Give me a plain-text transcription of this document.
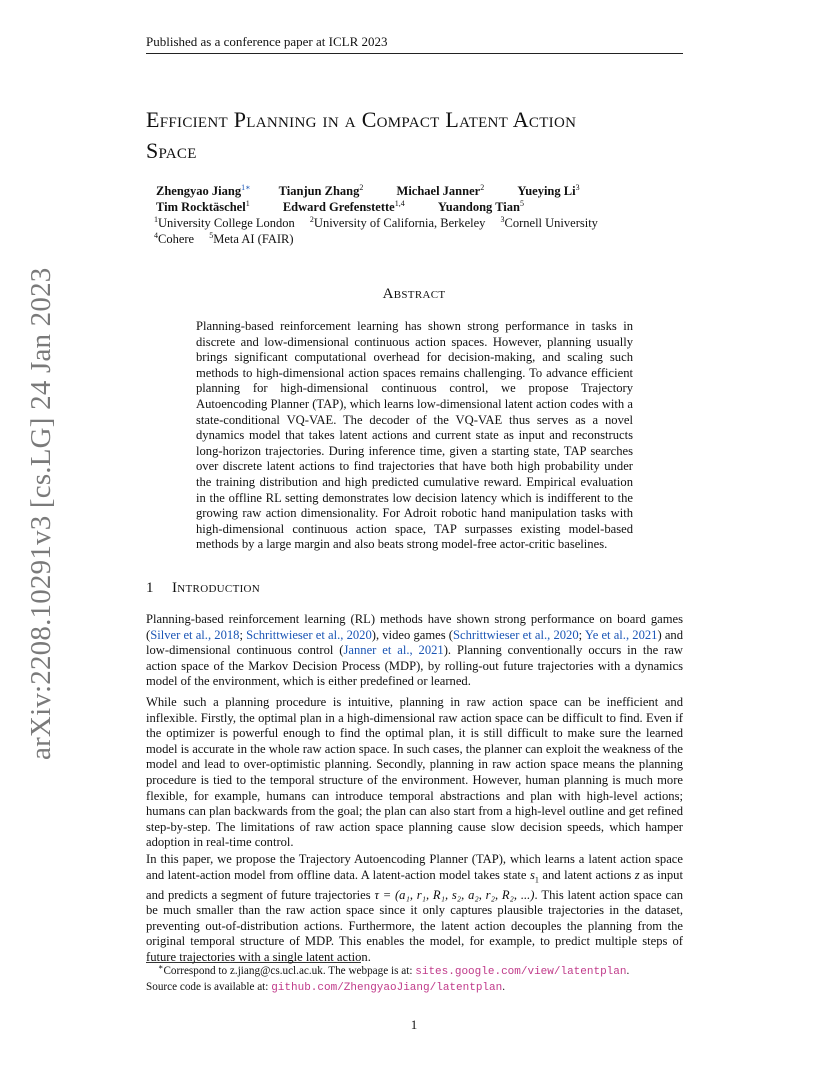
Published as a conference paper at ICLR 2023
arXiv:2208.10291v3 [cs.LG] 24 Jan 2023
Efficient Planning in a Compact Latent Action
Space
Zhengyao Jiang$^{1∗}$ Tianjun Zhang$^2$	Michael Janner$^2$	Yueying Li$^3$
Tim Rocktäschel$^1$	Edward Grefenstette$^{1,4}$	Yuandong Tian$^5$
$^1$University College London $^2$University of California, Berkeley $^3$Cornell University
$^4$Cohere $^5$Meta AI (FAIR)
Abstract
Planning-based reinforcement learning has shown strong performance in tasks in discrete and low-dimensional continuous action spaces. However, planning usually brings significant computational overhead for decision-making, and scaling such methods to high-dimensional action spaces remains challenging. To advance efficient planning for high-dimensional continuous control, we propose Trajectory Autoencoding Planner (TAP), which learns low-dimensional latent action codes with a state-conditional VQ-VAE. The decoder of the VQ-VAE thus serves as a novel dynamics model that takes latent actions and current state as input and reconstructs long-horizon trajectories. During inference time, given a starting state, TAP searches over discrete latent actions to find trajectories that have both high probability under the training distribution and high predicted cumulative reward. Empirical evaluation in the offline RL setting demonstrates low decision latency which is indifferent to the growing raw action dimensionality. For Adroit robotic hand manipulation tasks with high-dimensional continuous action space, TAP surpasses existing model-based methods by a large margin and also beats strong model-free actor-critic baselines.
1 Introduction
Planning-based reinforcement learning (RL) methods have shown strong performance on board games (Silver et al., 2018; Schrittwieser et al., 2020), video games (Schrittwieser et al., 2020; Ye et al., 2021) and low-dimensional continuous control (Janner et al., 2021). Planning conventionally occurs in the raw action space of the Markov Decision Process (MDP), by rolling-out future trajectories with a dynamics model of the environment, which is either predefined or learned.
While such a planning procedure is intuitive, planning in raw action space can be inefficient and inflexible. Firstly, the optimal plan in a high-dimensional raw action space can be difficult to find. Even if the optimizer is powerful enough to find the optimal plan, it is still difficult to make sure the learned model is accurate in the whole raw action space. In such cases, the planner can exploit the weakness of the model and lead to over-optimistic planning. Secondly, planning in raw action space means the planning procedure is tied to the temporal structure of the environment. However, human planning is much more flexible, for example, humans can introduce temporal abstractions and plan with high-level actions; humans can plan backwards from the goal; the plan can also start from a high-level outline and get refined step-by-step. The limitations of raw action space planning cause slow decision speeds, which hamper adoption in real-time control.
In this paper, we propose the Trajectory Autoencoding Planner (TAP), which learns a latent action space and latent-action model from offline data. A latent-action model takes state $s_1$ and latent actions z as input and predicts a segment of future trajectories τ = (a₁, r₁, R₁, s₂, a₂, r₂, R₂, ...). This latent action space can be much smaller than the raw action space since it only captures plausible trajectories in the dataset, preventing out-of-distribution actions. Furthermore, the latent action decouples the planning from the original temporal structure of MDP. This enables the model, for example, to predict multiple steps of future trajectories with a single latent action.
∗Correspond to z.jiang@cs.ucl.ac.uk. The webpage is at: sites.google.com/view/latentplan.
Source code is available at: github.com/ZhengyaoJiang/latentplan.
1
